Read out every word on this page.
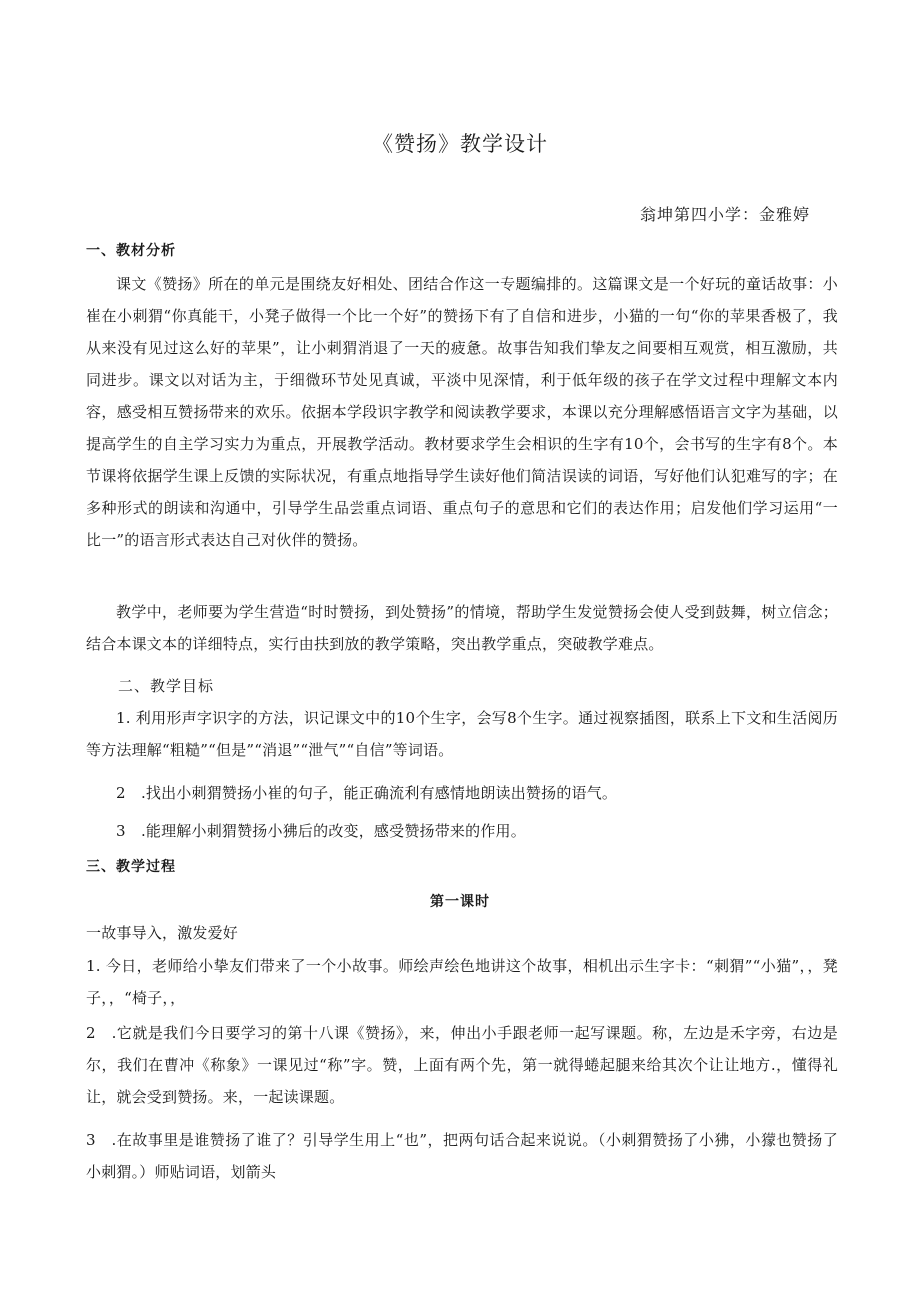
《赞扬》教学设计
翁坤第四小学：金雅婷
一、教材分析
课文《赞扬》所在的单元是围绕友好相处、团结合作这一专题编排的。这篇课文是一个好玩的童话故事：小崔在小刺猬“你真能干，小凳子做得一个比一个好”的赞扬下有了自信和进步，小猫的一句“你的苹果香极了，我从来没有见过这么好的苹果”，让小刺猬消退了一天的疲惫。故事告知我们挚友之间要相互观赏，相互激励，共同进步。课文以对话为主，于细微环节处见真诚，平淡中见深情，利于低年级的孩子在学文过程中理解文本内容，感受相互赞扬带来的欢乐。依据本学段识字教学和阅读教学要求，本课以充分理解感悟语言文字为基础，以提高学生的自主学习实力为重点，开展教学活动。教材要求学生会相识的生字有10个，会书写的生字有8个。本节课将依据学生课上反馈的实际状况，有重点地指导学生读好他们简洁误读的词语，写好他们认犯难写的字；在多种形式的朗读和沟通中，引导学生品尝重点词语、重点句子的意思和它们的表达作用；启发他们学习运用“一比一”的语言形式表达自己对伙伴的赞扬。
教学中，老师要为学生营造“时时赞扬，到处赞扬”的情境，帮助学生发觉赞扬会使人受到鼓舞，树立信念；结合本课文本的详细特点，实行由扶到放的教学策略，突出教学重点，突破教学难点。
二、教学目标
1. 利用形声字识字的方法，识记课文中的10个生字，会写8个生字。通过视察插图，联系上下文和生活阅历等方法理解“粗糙”“但是”“消退”“泄气”“自信”等词语。
2　.找出小刺猬赞扬小崔的句子，能正确流利有感情地朗读出赞扬的语气。
3　.能理解小刺猬赞扬小狒后的改变，感受赞扬带来的作用。
三、教学过程
第一课时
一故事导入，激发爱好
1. 今日，老师给小挚友们带来了一个小故事。师绘声绘色地讲这个故事，相机出示生字卡：“刺猬”“小猫”，，凳子，，“椅子，，
2　.它就是我们今日要学习的第十八课《赞扬》，来，伸出小手跟老师一起写课题。称，左边是禾字旁，右边是尔，我们在曹冲《称象》一课见过“称”字。赞，上面有两个先，第一就得蜷起腿来给其次个让让地方.，懂得礼让，就会受到赞扬。来，一起读课题。
3　.在故事里是谁赞扬了谁了？引导学生用上“也”，把两句话合起来说说。（小刺猬赞扬了小狒，小獴也赞扬了小刺猬。）师贴词语，划箭头
